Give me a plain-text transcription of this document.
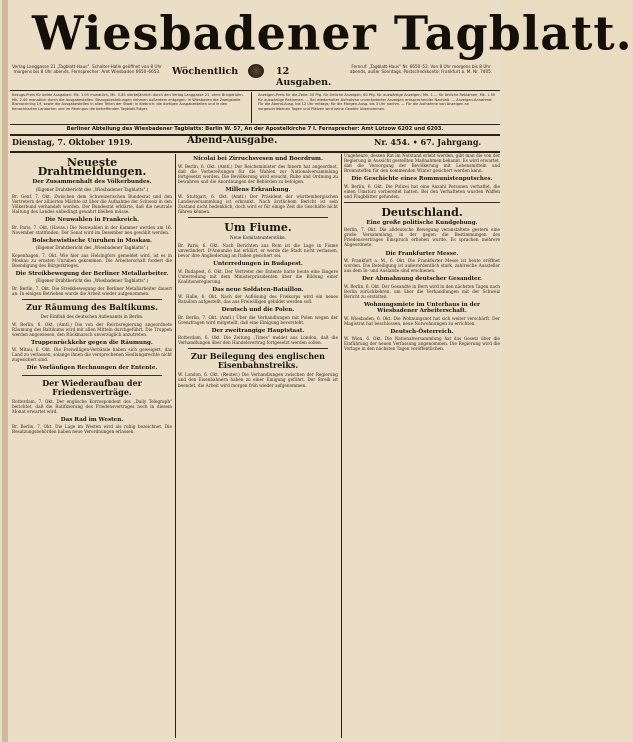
Wiesbadener Tagblatt.
Verlag Langgasse 21 „Tagblatt-Haus". Schalter-Halle geöffnet von 8 Uhr morgens bis 8 Uhr abends. Fernsprecher: Amt Wiesbaden 6650–6653. Wöchentlich	12 Ausgaben.
Fernruf: „Tagblatt-Haus" Nr. 6650–53. Von 8 Uhr morgens bis 8 Uhr abends, außer Sonntags. Postscheckkonto: Frankfurt a. M. Nr. 7405.
Bezugs-Preis für beide Ausgaben: Mk. 1.95 monatlich, Mk. 5.85 vierteljährlich durch den Verlag Langgasse 21, ohne Bringerlohn. Mk. 2.40 monatlich durch die Ausgabestellen. Bezugsbestellungen nehmen außerdem entgegen: in Wiesbaden die Zweigstelle Bismarckring 19, sowie die Ausgabestellen in allen Teilen der Stadt; in Biebrich: die dortigen Ausgabestellen und in den benachbarten Landorten und im Rheingau die betreffenden Tagblatt-Träger.
Anzeigen-Preis für die Zeile: 50 Pfg. für örtliche Anzeigen; 60 Pfg. für auswärtige Anzeigen; Mk. 1.— für örtliche Reklamen; Mk. 1.50 für auswärtige Reklamen. — Bei wiederholter Aufnahme unveränderter Anzeigen entsprechender Nachlaß. — Anzeigen-Annahme: Für die Abend-Ausg. bis 12 Uhr mittags; für die Morgen-Ausg. bis 3 Uhr nachm. — Für die Aufnahme von Anzeigen an vorgeschriebenen Tagen und Plätzen wird keine Gewähr übernommen.
Berliner Abteilung des Wiesbadener Tagblatts: Berlin W. 57, An der Apostelkirche 7 I. Fernsprecher: Amt Lützow 6202 und 6203.
Dienstag, 7. Oktober 1919.	Abend-Ausgabe.	Nr. 454. • 67. Jahrgang.
Neueste Drahtmeldungen.
Der Zusammenhalt des Völkerbundes.
(Eigener Drahtbericht des „Wiesbadener Tagblatts".)

Br. Genf, 7. Okt. Zwischen dem Schweizerischen Bundesrat und den Vertretern der alliierten Mächte ist über die Aufnahme der Schweiz in den Völkerbund verhandelt worden. Der Bundesrat erklärte, daß die neutrale Haltung des Landes unbedingt gewahrt bleiben müsse.

Die Neuwahlen in Frankreich.

Br. Paris, 7. Okt. (Havas.) Die Neuwahlen in der Kammer werden am 16. November stattfinden. Der Senat wird im Dezember neu gewählt werden.

Bolschewistische Unruhen in Moskau.
(Eigener Drahtbericht des „Wiesbadener Tagblatts".)

Kopenhagen, 7. Okt. Wie hier aus Helsingfors gemeldet wird, ist es in Moskau zu ernsten Unruhen gekommen. Die Arbeiterschaft fordert die Beendigung des Bürgerkrieges.

Die Streikbewegung der Berliner Metallarbeiter.
(Eigener Drahtbericht des „Wiesbadener Tagblatts".)

Br. Berlin, 7. Okt. Die Streikbewegung der Berliner Metallarbeiter dauert an. In einigen Betrieben wurde die Arbeit wieder aufgenommen.

Zur Räumung des Baltikums.
Der Einfluß des deutschen Außenamts in Berlin.

W. Berlin, 6. Okt. (Amtl.) Die von der Reichsregierung angeordnete Räumung des Baltikums wird mit allen Mitteln durchgeführt. Die Truppen werden angewiesen, den Rückmarsch unverzüglich anzutreten.

Truppenrückkehr gegen die Räumung.

W. Mitau, 6. Okt. Die Freiwilligen-Verbände haben sich geweigert, das Land zu verlassen, solange ihnen die versprochenen Siedlungsrechte nicht zugesichert sind.

Die Vorläufigen Rechnungen der Entente.
Der Wiederaufbau der Friedensverträge.

Rotterdam, 7. Okt. Der englische Korrespondent des „Daily Telegraph" berichtet, daß die Ratifizierung des Friedensvertrages noch in diesem Monat erwartet wird.

Das Rad im Westen.

Br. Berlin, 7. Okt. Die Lage im Westen wird als ruhig bezeichnet. Die Besatzungsbehörden haben neue Verordnungen erlassen.

Nicolai bei Zirruchsvesen und Boerdrum.

W. Berlin, 6. Okt. (Amtl.) Der Reichsminister des Innern hat angeordnet, daß die Vorbereitungen für die Wahlen zur Nationalversammlung fortgesetzt werden. Die Bevölkerung wird ersucht, Ruhe und Ordnung zu bewahren und die Anordnungen der Behörden zu befolgen.

Millens Erkrankung.

W. Stuttgart, 6. Okt. (Amtl.) Der Präsident der württembergischen Landesversammlung ist erkrankt. Nach ärztlichem Bericht ist sein Zustand nicht bedenklich, doch wird er für einige Zeit die Geschäfte nicht führen können.

Um Fiume.
Neue Komitatsunterstüke.

Br. Paris, 6. Okt. Nach Berichten aus Rom ist die Lage in Fiume unverändert. D'Annunzio hat erklärt, er werde die Stadt nicht verlassen, bevor ihre Angliederung an Italien gesichert sei.

Unterredungen in Budapest.

W. Budapest, 6. Okt. Der Vertreter der Entente hatte heute eine längere Unterredung mit dem Ministerpräsidenten über die Bildung einer Koalitionsregierung.

Das neue Soldaten-Bataillon.

W. Halle, 6. Okt. Nach der Auflösung des Freikorps wird ein neues Bataillon aufgestellt, das aus Freiwilligen gebildet werden soll.

Deutsch und die Polen.

Br. Berlin, 7. Okt. (Amtl.) Über die Verhandlungen mit Polen wegen der Grenzfragen wird mitgeteilt, daß eine Einigung bevorsteht.

Der zweitrangige Hauptstaat.

Rotterdam, 6. Okt. Die Zeitung „Times" meldet aus London, daß die Verhandlungen über den Handelsvertrag fortgesetzt werden sollen.

Zur Beilegung des englischen Eisenbahnstreiks.

W. London, 6. Okt. (Reuter.) Die Verhandlungen zwischen der Regierung und den Eisenbahnern haben zu einer Einigung geführt. Der Streik ist beendet, die Arbeit wird morgen früh wieder aufgenommen.

Ungeheure, dessen Rat im Notstand erlebt werden, gibt man die von der Regierung in Aussicht gestellten Maßnahmen bekannt. Es wird erwartet, daß die Versorgung der Bevölkerung mit Lebensmitteln und Brennstoffen für den kommenden Winter gesichert werden kann.

Die Geschichte eines Rommunistenputsches.

W. Berlin, 6. Okt. Die Polizei hat eine Anzahl Personen verhaftet, die einen Umsturz vorbereitet hatten. Bei den Verhafteten wurden Waffen und Flugblätter gefunden.

Deutschland.
Eine große politische Kundgebung.

Berlin, 7. Okt. Die alldeutsche Bewegung veranstaltete gestern eine große Versammlung, in der gegen die Bestimmungen des Friedensvertrages Einspruch erhoben wurde. Es sprachen mehrere Abgeordnete.

Die Frankfurter Messe.

W. Frankfurt a. M., 6. Okt. Die Frankfurter Messe ist heute eröffnet worden. Die Beteiligung ist außerordentlich stark, zahlreiche Aussteller aus dem In- und Auslande sind erschienen.

Der Abmahnung deutscher Gesandter.

W. Berlin, 6. Okt. Der Gesandte in Bern wird in den nächsten Tagen nach Berlin zurückkehren, um über die Verhandlungen mit der Schweiz Bericht zu erstatten.

Wohnungsmiete im Unterhaus in der Wiesbadener Arbeiterschaft.

W. Wiesbaden, 6. Okt. Die Wohnungsnot hat sich weiter verschärft. Der Magistrat hat beschlossen, neue Notwohnungen zu errichten.

Deutsch-Österreich.

W. Wien, 6. Okt. Die Nationalversammlung hat das Gesetz über die Einführung der neuen Verfassung angenommen. Die Regierung wird die Vorlage in den nächsten Tagen veröffentlichen.
